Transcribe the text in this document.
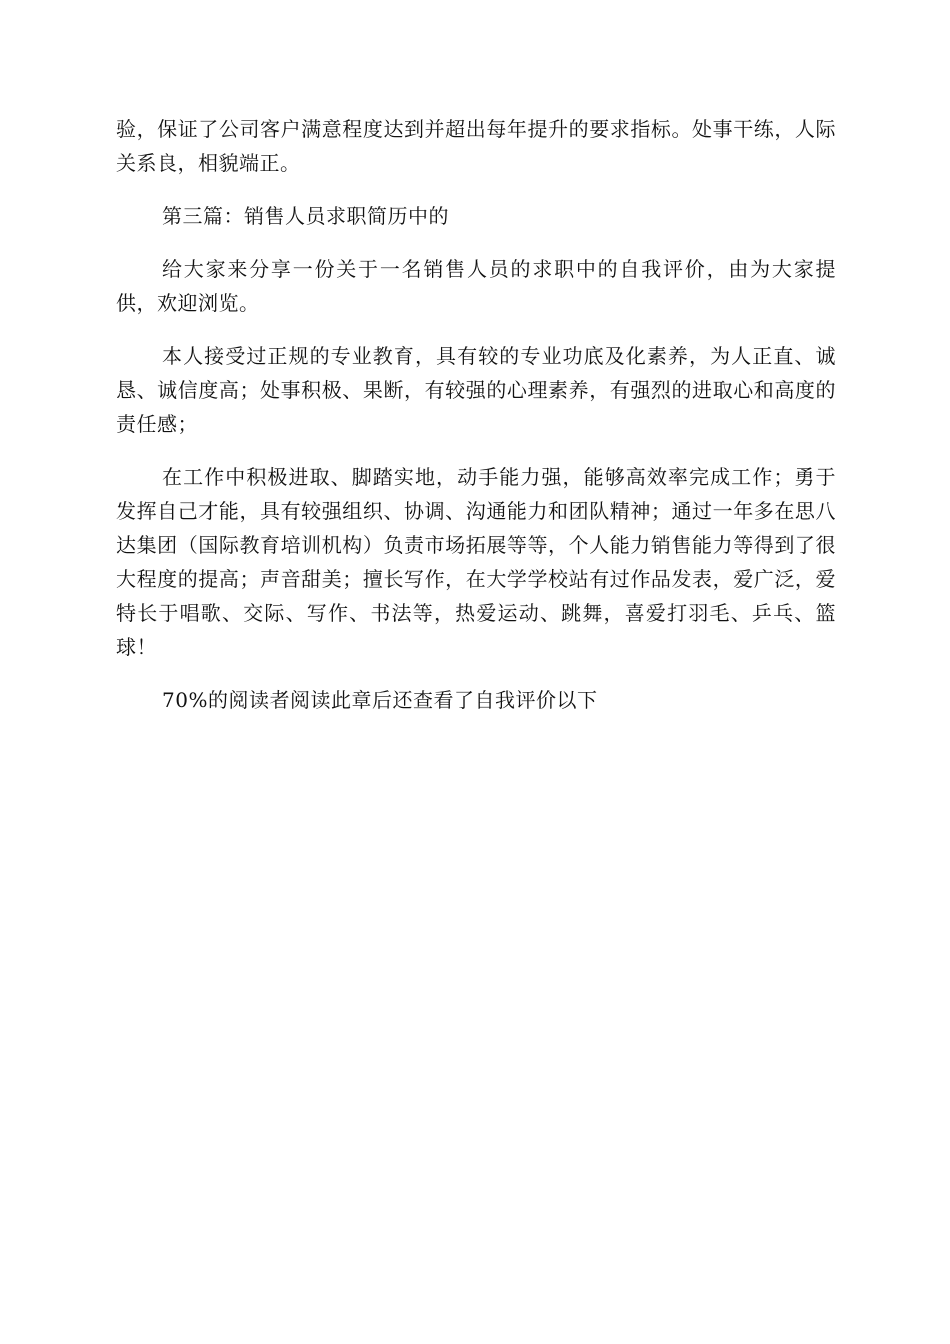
验，保证了公司客户满意程度达到并超出每年提升的要求指标。处事干练，人际关系良，相貌端正。

第三篇：销售人员求职简历中的

给大家来分享一份关于一名销售人员的求职中的自我评价，由为大家提供，欢迎浏览。

本人接受过正规的专业教育，具有较的专业功底及化素养，为人正直、诚恳、诚信度高；处事积极、果断，有较强的心理素养，有强烈的进取心和高度的责任感；

在工作中积极进取、脚踏实地，动手能力强，能够高效率完成工作；勇于发挥自己才能，具有较强组织、协调、沟通能力和团队精神；通过一年多在思八达集团（国际教育培训机构）负责市场拓展等等，个人能力销售能力等得到了很大程度的提高；声音甜美；擅长写作，在大学学校站有过作品发表，爱广泛，爱特长于唱歌、交际、写作、书法等，热爱运动、跳舞，喜爱打羽毛、乒乓、篮球！

70%的阅读者阅读此章后还查看了自我评价以下
